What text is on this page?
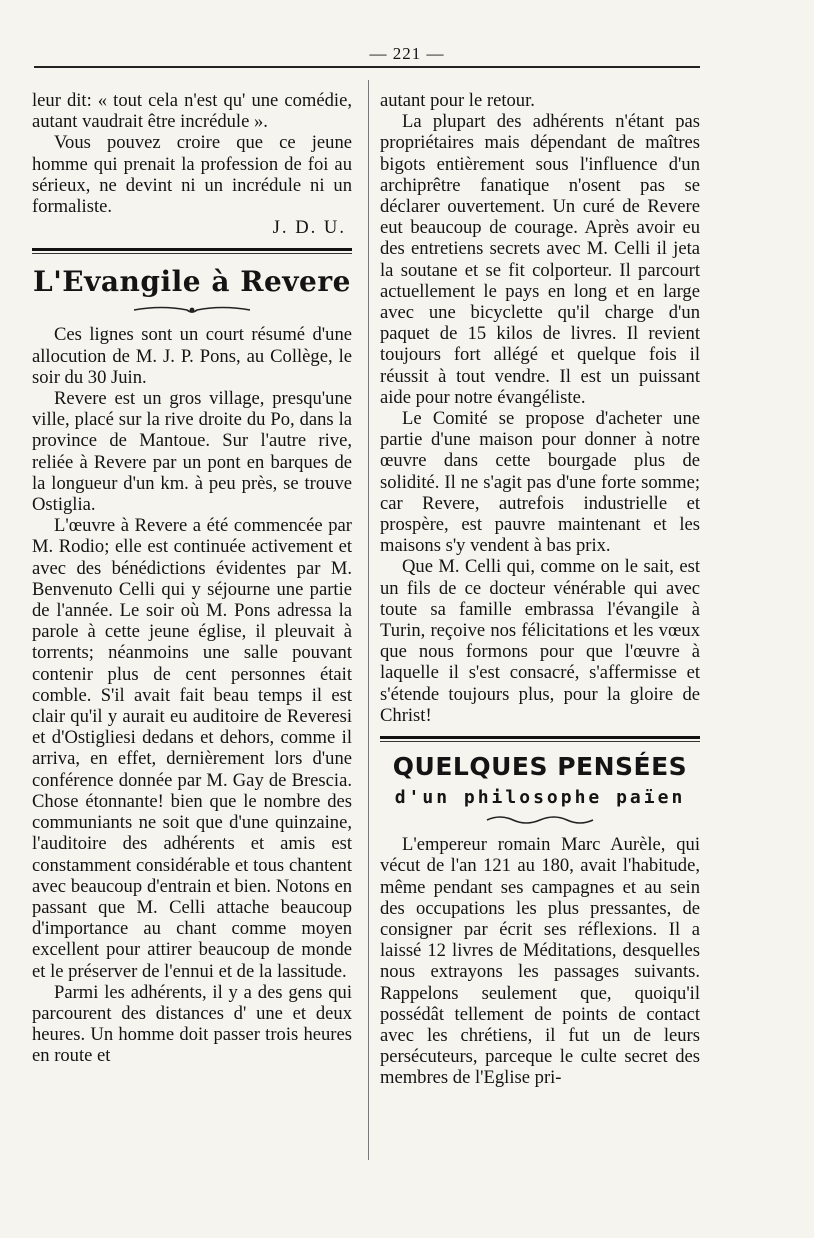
— 221 —

leur dit: « tout cela n'est qu' une comédie, autant vaudrait être incrédule ».

Vous pouvez croire que ce jeune homme qui prenait la profession de foi au sérieux, ne devint ni un incrédule ni un formaliste.

J. D. U.

L'Evangile à Revere

Ces lignes sont un court résumé d'une allocution de M. J. P. Pons, au Collège, le soir du 30 Juin.

Revere est un gros village, presqu'une ville, placé sur la rive droite du Po, dans la province de Mantoue. Sur l'autre rive, reliée à Revere par un pont en barques de la longueur d'un km. à peu près, se trouve Ostiglia.

L'œuvre à Revere a été commencée par M. Rodio; elle est continuée activement et avec des bénédictions évidentes par M. Benvenuto Celli qui y séjourne une partie de l'année. Le soir où M. Pons adressa la parole à cette jeune église, il pleuvait à torrents; néanmoins une salle pouvant contenir plus de cent personnes était comble. S'il avait fait beau temps il est clair qu'il y aurait eu auditoire de Reveresi et d'Ostigliesi dedans et dehors, comme il arriva, en effet, dernièrement lors d'une conférence donnée par M. Gay de Brescia. Chose étonnante! bien que le nombre des communiants ne soit que d'une quinzaine, l'auditoire des adhérents et amis est constamment considérable et tous chantent avec beaucoup d'entrain et bien. Notons en passant que M. Celli attache beaucoup d'importance au chant comme moyen excellent pour attirer beaucoup de monde et le préserver de l'ennui et de la lassitude.

Parmi les adhérents, il y a des gens qui parcourent des distances d' une et deux heures. Un homme doit passer trois heures en route et

autant pour le retour.

La plupart des adhérents n'étant pas propriétaires mais dépendant de maîtres bigots entièrement sous l'influence d'un archiprêtre fanatique n'osent pas se déclarer ouvertement. Un curé de Revere eut beaucoup de courage. Après avoir eu des entretiens secrets avec M. Celli il jeta la soutane et se fit colporteur. Il parcourt actuellement le pays en long et en large avec une bicyclette qu'il charge d'un paquet de 15 kilos de livres. Il revient toujours fort allégé et quelque fois il réussit à tout vendre. Il est un puissant aide pour notre évangéliste.

Le Comité se propose d'acheter une partie d'une maison pour donner à notre œuvre dans cette bourgade plus de solidité. Il ne s'agit pas d'une forte somme; car Revere, autrefois industrielle et prospère, est pauvre maintenant et les maisons s'y vendent à bas prix.

Que M. Celli qui, comme on le sait, est un fils de ce docteur vénérable qui avec toute sa famille embrassa l'évangile à Turin, reçoive nos félicitations et les vœux que nous formons pour que l'œuvre à laquelle il s'est consacré, s'affermisse et s'étende toujours plus, pour la gloire de Christ!

QUELQUES PENSÉES
d'un philosophe païen

L'empereur romain Marc Aurèle, qui vécut de l'an 121 au 180, avait l'habitude, même pendant ses campagnes et au sein des occupations les plus pressantes, de consigner par écrit ses réflexions. Il a laissé 12 livres de Méditations, desquelles nous extrayons les passages suivants. Rappelons seulement que, quoiqu'il possédât tellement de points de contact avec les chrétiens, il fut un de leurs persécuteurs, parceque le culte secret des membres de l'Eglise pri-
